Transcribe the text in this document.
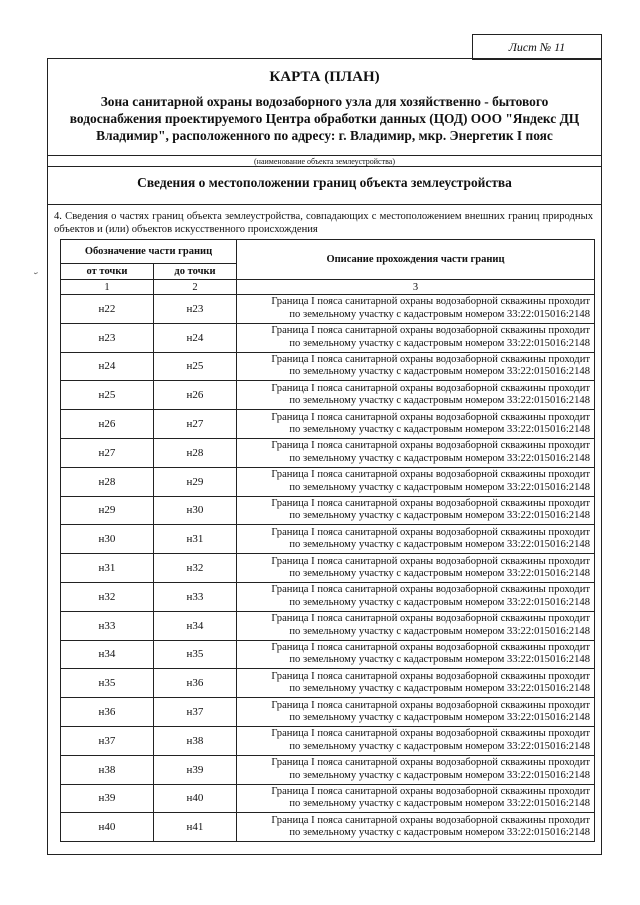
Лист № 11
КАРТА (ПЛАН)
Зона санитарной охраны водозаборного узла для хозяйственно - бытового водоснабжения проектируемого Центра обработки данных (ЦОД) ООО "Яндекс ДЦ Владимир", расположенного по адресу: г. Владимир, мкр. Энергетик I пояс
(наименование объекта землеустройства)
Сведения о местоположении границ объекта землеустройства
4. Сведения о частях границ объекта землеустройства, совпадающих с местоположением внешних границ природных объектов и (или) объектов искусственного происхождения
Обозначение части границ		Описание прохождения части границ
от точки	до точки	
1	2	3
н22	н23	Граница I пояса санитарной охраны водозаборной скважины проходит
по земельному участку с кадастровым номером 33:22:015016:2148

н23	н24	Граница I пояса санитарной охраны водозаборной скважины проходит
по земельному участку с кадастровым номером 33:22:015016:2148

н24	н25	Граница I пояса санитарной охраны водозаборной скважины проходит
по земельному участку с кадастровым номером 33:22:015016:2148

н25	н26	Граница I пояса санитарной охраны водозаборной скважины проходит
по земельному участку с кадастровым номером 33:22:015016:2148

н26	н27	Граница I пояса санитарной охраны водозаборной скважины проходит
по земельному участку с кадастровым номером 33:22:015016:2148

н27	н28	Граница I пояса санитарной охраны водозаборной скважины проходит
по земельному участку с кадастровым номером 33:22:015016:2148

н28	н29	Граница I пояса санитарной охраны водозаборной скважины проходит
по земельному участку с кадастровым номером 33:22:015016:2148

н29	н30	Граница I пояса санитарной охраны водозаборной скважины проходит
по земельному участку с кадастровым номером 33:22:015016:2148

н30	н31	Граница I пояса санитарной охраны водозаборной скважины проходит
по земельному участку с кадастровым номером 33:22:015016:2148

н31	н32	Граница I пояса санитарной охраны водозаборной скважины проходит
по земельному участку с кадастровым номером 33:22:015016:2148

н32	н33	Граница I пояса санитарной охраны водозаборной скважины проходит
по земельному участку с кадастровым номером 33:22:015016:2148

н33	н34	Граница I пояса санитарной охраны водозаборной скважины проходит
по земельному участку с кадастровым номером 33:22:015016:2148

н34	н35	Граница I пояса санитарной охраны водозаборной скважины проходит
по земельному участку с кадастровым номером 33:22:015016:2148

н35	н36	Граница I пояса санитарной охраны водозаборной скважины проходит
по земельному участку с кадастровым номером 33:22:015016:2148

н36	н37	Граница I пояса санитарной охраны водозаборной скважины проходит
по земельному участку с кадастровым номером 33:22:015016:2148

н37	н38	Граница I пояса санитарной охраны водозаборной скважины проходит
по земельному участку с кадастровым номером 33:22:015016:2148

н38	н39	Граница I пояса санитарной охраны водозаборной скважины проходит
по земельному участку с кадастровым номером 33:22:015016:2148

н39	н40	Граница I пояса санитарной охраны водозаборной скважины проходит
по земельному участку с кадастровым номером 33:22:015016:2148

н40	н41	Граница I пояса санитарной охраны водозаборной скважины проходит
по земельному участку с кадастровым номером 33:22:015016:2148
